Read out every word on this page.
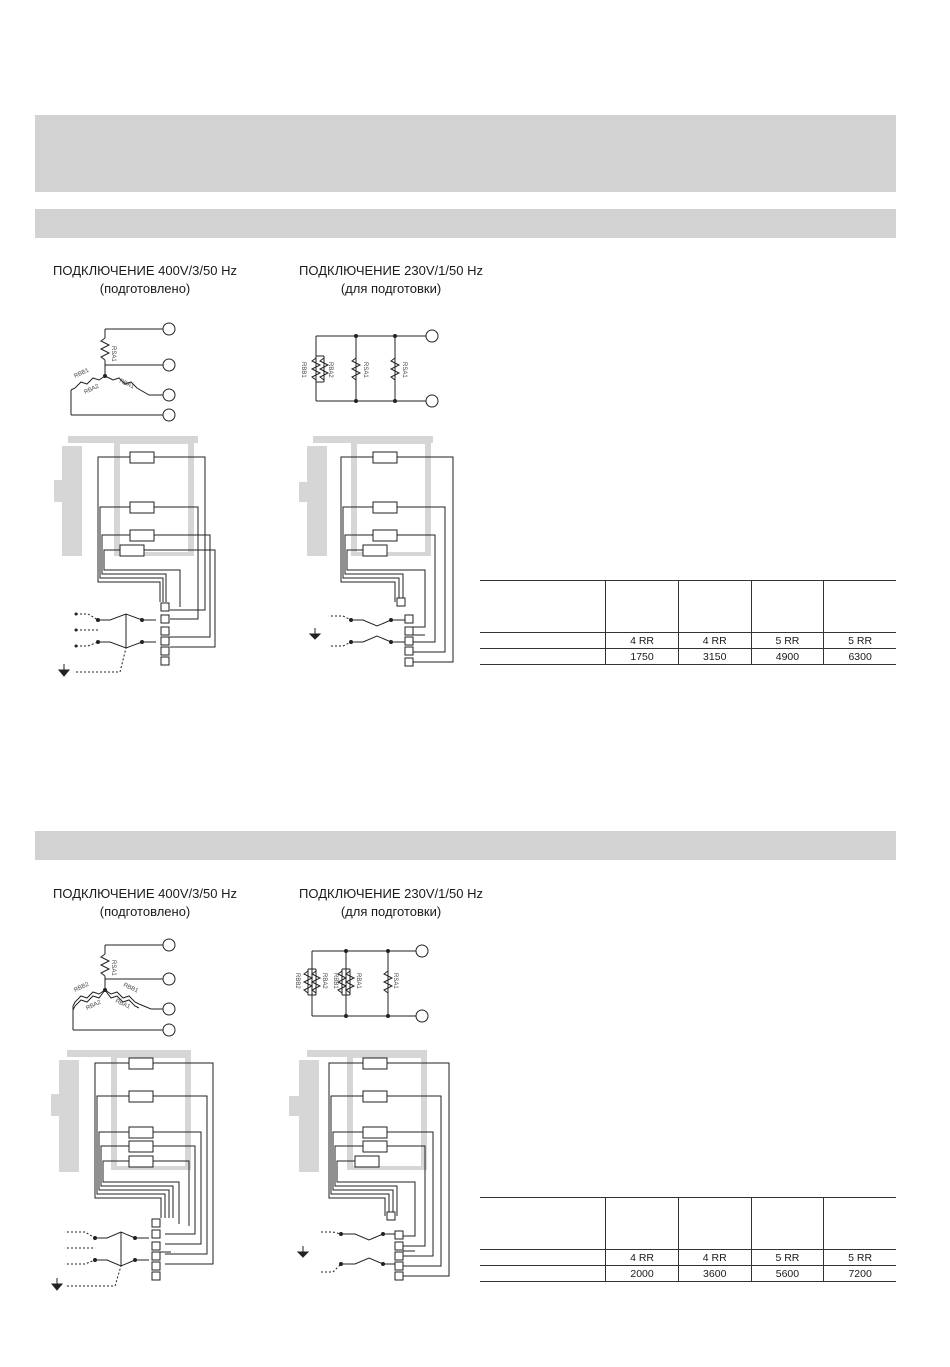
ПОДКЛЮЧЕНИЕ 400V/3/50 Hz
(подготовлено)
ПОДКЛЮЧЕНИЕ 230V/1/50 Hz
(для подготовки)
RSA1
RBB1
RBA2	RBA1
RBB1	RBA2	RSA1	RSA1

	4 RR	4 RR	5 RR	5 RR
	1750	3150	4900	6300
ПОДКЛЮЧЕНИЕ 400V/3/50 Hz
(подготовлено)
ПОДКЛЮЧЕНИЕ 230V/1/50 Hz
(для подготовки)
RSA1
RBB2
RBA2
RBB1
RBA1
RBB2	RBA2 RBB1	RBA1	RSA1

	4 RR	4 RR	5 RR	5 RR
	2000	3600	5600	7200
